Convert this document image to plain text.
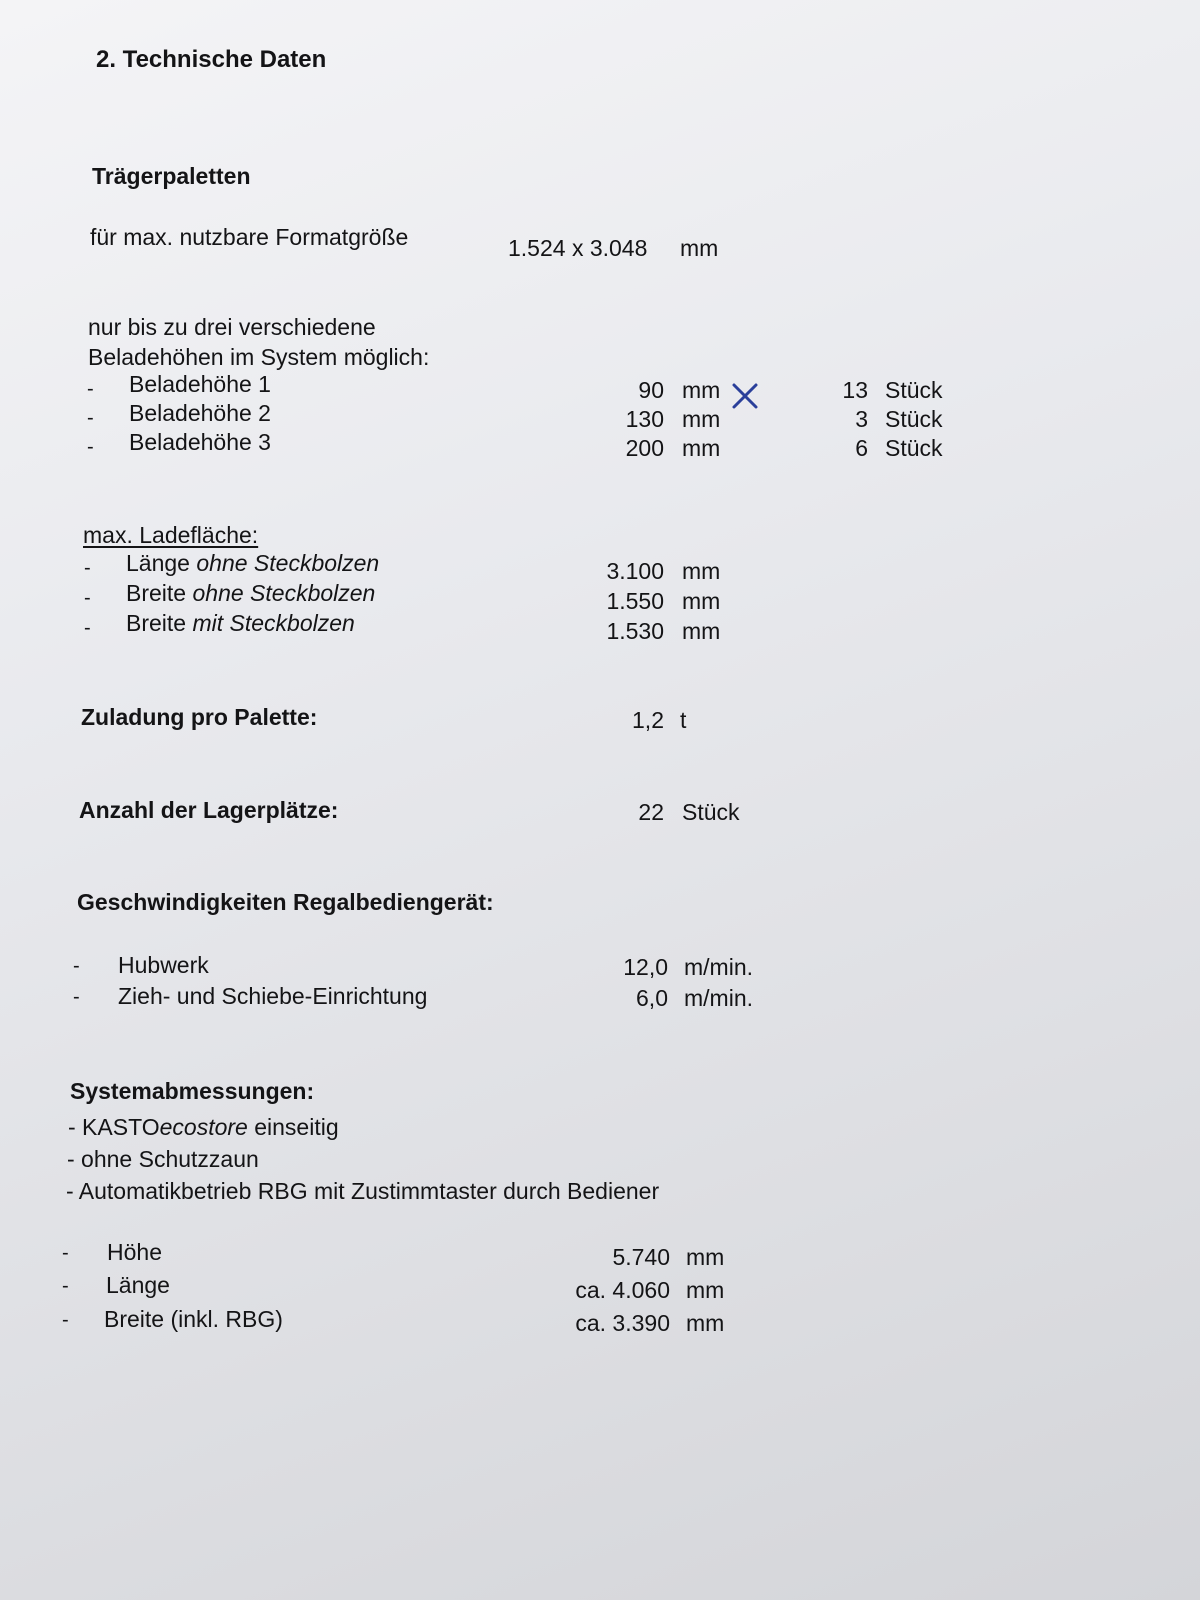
2. Technische Daten
Trägerpaletten
für max. nutzbare Formatgröße	1.524 x 3.048 mm
nur bis zu drei verschiedene
Beladehöhen im System möglich:
- Beladehöhe 1	90 mm	13 Stück
- Beladehöhe 2	130 mm	3 Stück
- Beladehöhe 3	200 mm	6 Stück
max. Ladefläche:
- Länge ohne Steckbolzen	3.100 mm
- Breite ohne Steckbolzen	1.550 mm
- Breite mit Steckbolzen	1.530 mm
Zuladung pro Palette:	1,2 t
Anzahl der Lagerplätze:	22 Stück
Geschwindigkeiten Regalbediengerät:
- Hubwerk	12,0 m/min.
- Zieh- und Schiebe-Einrichtung	6,0 m/min.
Systemabmessungen:
- KASTOecostore einseitig
- ohne Schutzzaun
- Automatikbetrieb RBG mit Zustimmtaster durch Bediener
- Höhe	5.740 mm
- Länge	ca. 4.060 mm
- Breite (inkl. RBG)	ca. 3.390 mm
